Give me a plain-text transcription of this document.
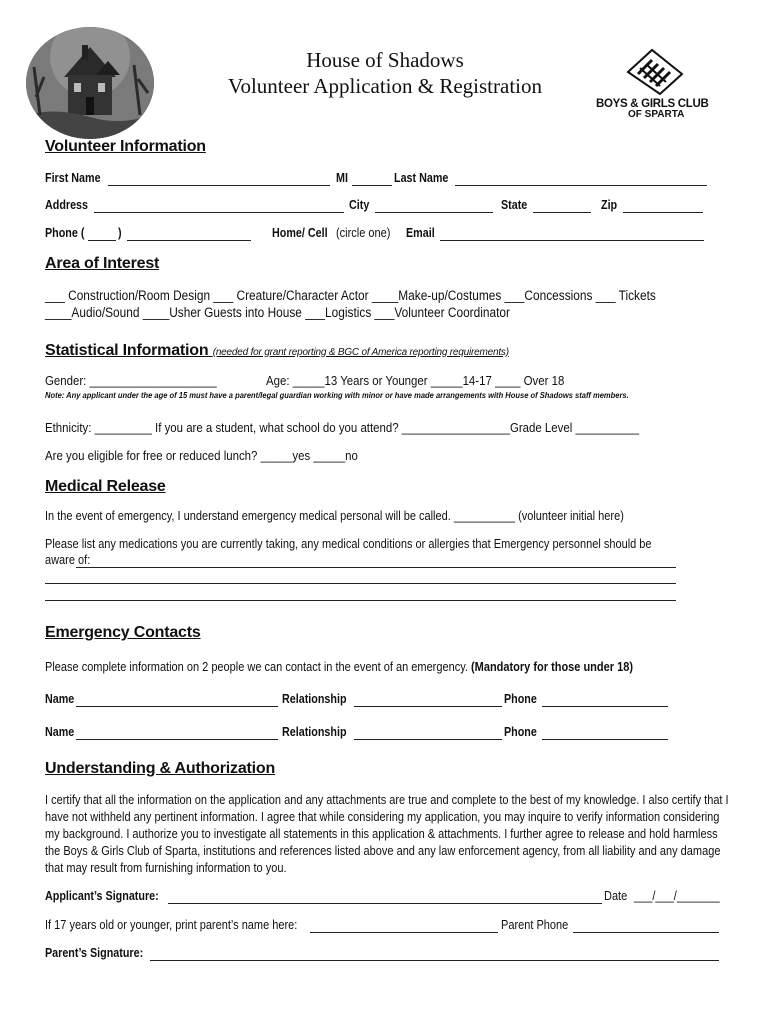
House of Shadows
Volunteer Application & Registration
BOYS & GIRLS CLUB
OF SPARTA
Volunteer Information
First Name	MI	Last Name
Address	City	State	Zip
Phone (	)	Home/ Cell (circle one) Email
Area of Interest
___ Construction/Room Design ___ Creature/Character Actor ____Make-up/Costumes ___Concessions ___ Tickets
____Audio/Sound ____Usher Guests into House ___Logistics ___Volunteer Coordinator
Statistical Information (needed for grant reporting & BGC of America reporting requirements)
Gender: ____________________	Age: _____13 Years or Younger _____14-17 ____ Over 18
Note: Any applicant under the age of 15 must have a parent/legal guardian working with minor or have made arrangements with House of Shadows staff members.
Ethnicity: _________ If you are a student, what school do you attend? _________________Grade Level __________
Are you eligible for free or reduced lunch? _____yes _____no
Medical Release
In the event of emergency, I understand emergency medical personal will be called. __________ (volunteer initial here)
Please list any medications you are currently taking, any medical conditions or allergies that Emergency personnel should be
aware of:
Emergency Contacts
Please complete information on 2 people we can contact in the event of an emergency. (Mandatory for those under 18)
Name	Relationship	Phone
Name	Relationship	Phone
Understanding & Authorization
I certify that all the information on the application and any attachments are true and complete to the best of my knowledge. I also certify that I have not withheld any pertinent information. I agree that while considering my application, you may inquire to verify information considering my background. I authorize you to investigate all statements in this application & attachments. I further agree to release and hold harmless the Boys & Girls Club of Sparta, institutions and references listed above and any law enforcement agency, from all liability and any damage that may result from furnishing information to you.
Applicant’s Signature:	Date ___/___/_______
If 17 years old or younger, print parent’s name here:	Parent Phone
Parent’s Signature:
